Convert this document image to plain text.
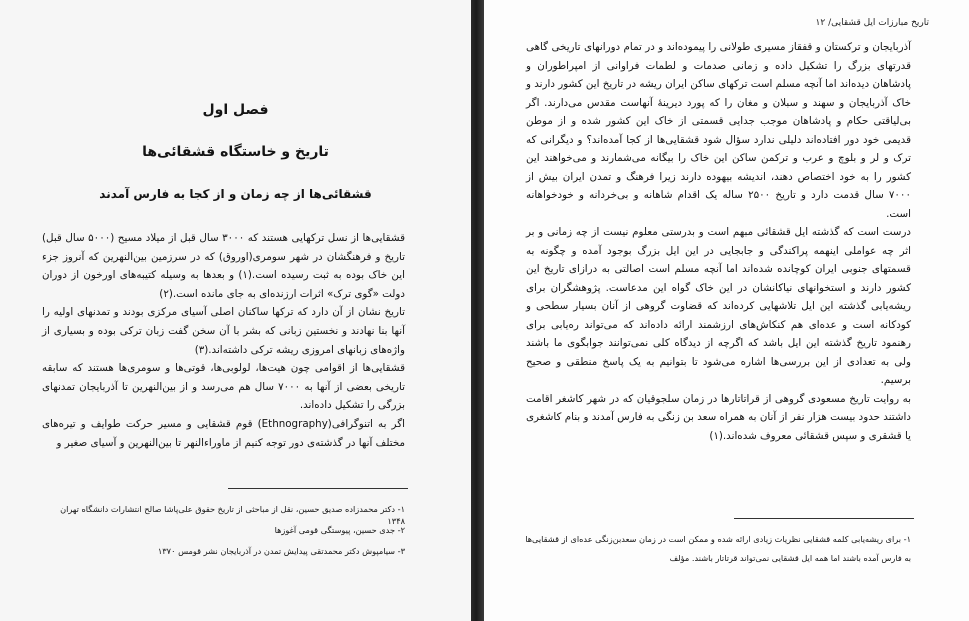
فصل اول
تاریخ و خاستگاه قشقائی‌ها
قشقائی‌ها از چه زمان و از کجا به فارس آمدند

قشقایی‌ها از نسل ترکهایی هستند که ۳۰۰۰ سال قبل از میلاد مسیح (۵۰۰۰ سال قبل) تاریخ و فرهنگشان در شهر سومری(اوروق) که در سرزمین بین‌النهرین که آنروز جزء این خاک بوده به ثبت رسیده است.(۱) و بعدها به وسیله کتیبه‌های اورخون از دوران دولت «گوی ترک» اثرات ارزنده‌ای به جای مانده است.(۲)

تاریخ نشان از آن دارد که ترکها ساکنان اصلی آسیای مرکزی بودند و تمدنهای اولیه را آنها بنا نهادند و نخستین زبانی که بشر با آن سخن گفت زبان ترکی بوده و بسیاری از واژه‌های زبانهای امروزی ریشه ترکی داشته‌اند.(۳)

قشقایی‌ها از اقوامی چون هیت‌ها، لولوبی‌ها، قوتی‌ها و سومری‌ها هستند که سابقه تاریخی بعضی از آنها به ۷۰۰۰ سال هم می‌رسد و از بین‌النهرین تا آذربایجان تمدنهای بزرگی را تشکیل داده‌اند.

اگر به اتنوگرافی(Ethnography) قوم قشقایی و مسیر حرکت طوایف و تیره‌های مختلف آنها در گذشته‌ی دور توجه کنیم از ماوراءالنهر تا بین‌النهرین و آسیای صغیر و

۱- دکتر محمدزاده صدیق حسین، نقل از مباحثی از تاریخ حقوق علی‌پاشا صالح انتشارات دانشگاه تهران ۱۳۴۸
۲- جدی حسین، پیوستگی قومی آغوزها
۳- سیامپوش دکتر محمدتقی پیدایش تمدن در آذربایجان نشر قومس ۱۳۷۰
تاریخ مبارزات ایل قشقایی/ ۱۲

آذربایجان و ترکستان و قفقاز مسیری طولانی را پیموده‌اند و در تمام دورانهای تاریخی گاهی قدرتهای بزرگ را تشکیل داده و زمانی صدمات و لطمات فراوانی از امپراطوران و پادشاهان دیده‌اند اما آنچه مسلم است ترکهای ساکن ایران ریشه در تاریخ این کشور دارند و خاک آذربایجان و سهند و سبلان و مغان را که پورد دیرینهٔ آنهاست مقدس می‌دارند. اگر بی‌لیاقتی حکام و پادشاهان موجب جدایی قسمتی از خاک این کشور شده و از موطن قدیمی خود دور افتاده‌اند دلیلی ندارد سؤال شود قشقایی‌ها از کجا آمده‌اند؟ و دیگرانی که ترک و لر و بلوچ و عرب و ترکمن ساکن این خاک را بیگانه می‌شمارند و می‌خواهند این کشور را به خود اختصاص دهند، اندیشه بیهوده دارند زیرا فرهنگ و تمدن ایران بیش از ۷۰۰۰ سال قدمت دارد و تاریخ ۲۵۰۰ ساله یک اقدام شاهانه و بی‌خردانه و خودخواهانه است.

درست است که گذشته ایل قشقائی مبهم است و بدرستی معلوم نیست از چه زمانی و بر اثر چه عواملی اینهمه پراکندگی و جابجایی در این ایل بزرگ بوجود آمده و چگونه به قسمتهای جنوبی ایران کوچانده شده‌اند اما آنچه مسلم است اصالتی به درازای تاریخ این کشور دارند و استخوانهای نیاکانشان در این خاک گواه این مدعاست. پژوهشگران برای ریشه‌یابی گذشته این ایل تلاشهایی کرده‌اند که قضاوت گروهی از آنان بسیار سطحی و کودکانه است و عده‌ای هم کنکاش‌های ارزشمند ارائه داده‌اند که می‌تواند ره‌یابی برای رهنمود تاریخ گذشته این ایل باشد که اگرچه از دیدگاه کلی نمی‌توانند جوابگوی ما باشند ولی به تعدادی از این بررسی‌ها اشاره می‌شود تا بتوانیم به یک پاسخ منطقی و صحیح برسیم.

به روایت تاریخ مسعودی گروهی از قراتاتارها در زمان سلجوقیان که در شهر کاشغر اقامت داشتند حدود بیست هزار نفر از آنان به همراه سعد بن زنگی به فارس آمدند و بنام کاشغری یا قشقری و سپس قشقائی معروف شده‌اند.(۱)

۱- برای ریشه‌یابی کلمه قشقایی نظریات زیادی ارائه شده و ممکن است در زمان سعدبن‌زنگی عده‌ای از قشقایی‌ها
به فارس آمده باشند اما همه ایل قشقایی نمی‌تواند قرتاتار باشند. مؤلف
